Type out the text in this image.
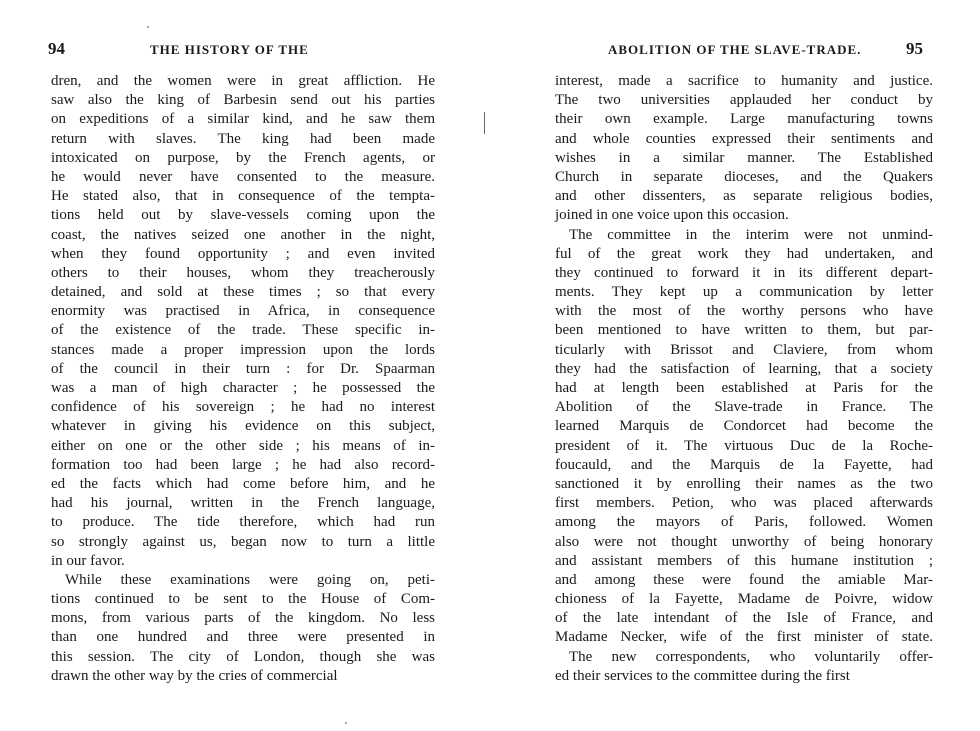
94	THE HISTORY OF THE
dren, and the women were in great affliction. He
saw also the king of Barbesin send out his parties
on expeditions of a similar kind, and he saw them
return with slaves. The king had been made
intoxicated on purpose, by the French agents, or
he would never have consented to the measure.
He stated also, that in consequence of the tempta-
tions held out by slave-vessels coming upon the
coast, the natives seized one another in the night,
when they found opportunity ; and even invited
others to their houses, whom they treacherously
detained, and sold at these times ; so that every
enormity was practised in Africa, in consequence
of the existence of the trade. These specific in-
stances made a proper impression upon the lords
of the council in their turn : for Dr. Spaarman
was a man of high character ; he possessed the
confidence of his sovereign ; he had no interest
whatever in giving his evidence on this subject,
either on one or the other side ; his means of in-
formation too had been large ; he had also record-
ed the facts which had come before him, and he
had his journal, written in the French language,
to produce. The tide therefore, which had run
so strongly against us, began now to turn a little
in our favor.
While these examinations were going on, peti-
tions continued to be sent to the House of Com-
mons, from various parts of the kingdom. No less
than one hundred and three were presented in
this session. The city of London, though she was
drawn the other way by the cries of commercial
ABOLITION OF THE SLAVE-TRADE.	95
interest, made a sacrifice to humanity and justice.
The two universities applauded her conduct by
their own example. Large manufacturing towns
and whole counties expressed their sentiments and
wishes in a similar manner. The Established
Church in separate dioceses, and the Quakers
and other dissenters, as separate religious bodies,
joined in one voice upon this occasion.
The committee in the interim were not unmind-
ful of the great work they had undertaken, and
they continued to forward it in its different depart-
ments. They kept up a communication by letter
with the most of the worthy persons who have
been mentioned to have written to them, but par-
ticularly with Brissot and Claviere, from whom
they had the satisfaction of learning, that a society
had at length been established at Paris for the
Abolition of the Slave-trade in France. The
learned Marquis de Condorcet had become the
president of it. The virtuous Duc de la Roche-
foucauld, and the Marquis de la Fayette, had
sanctioned it by enrolling their names as the two
first members. Petion, who was placed afterwards
among the mayors of Paris, followed. Women
also were not thought unworthy of being honorary
and assistant members of this humane institution ;
and among these were found the amiable Mar-
chioness of la Fayette, Madame de Poivre, widow
of the late intendant of the Isle of France, and
Madame Necker, wife of the first minister of state.
The new correspondents, who voluntarily offer-
ed their services to the committee during the first
